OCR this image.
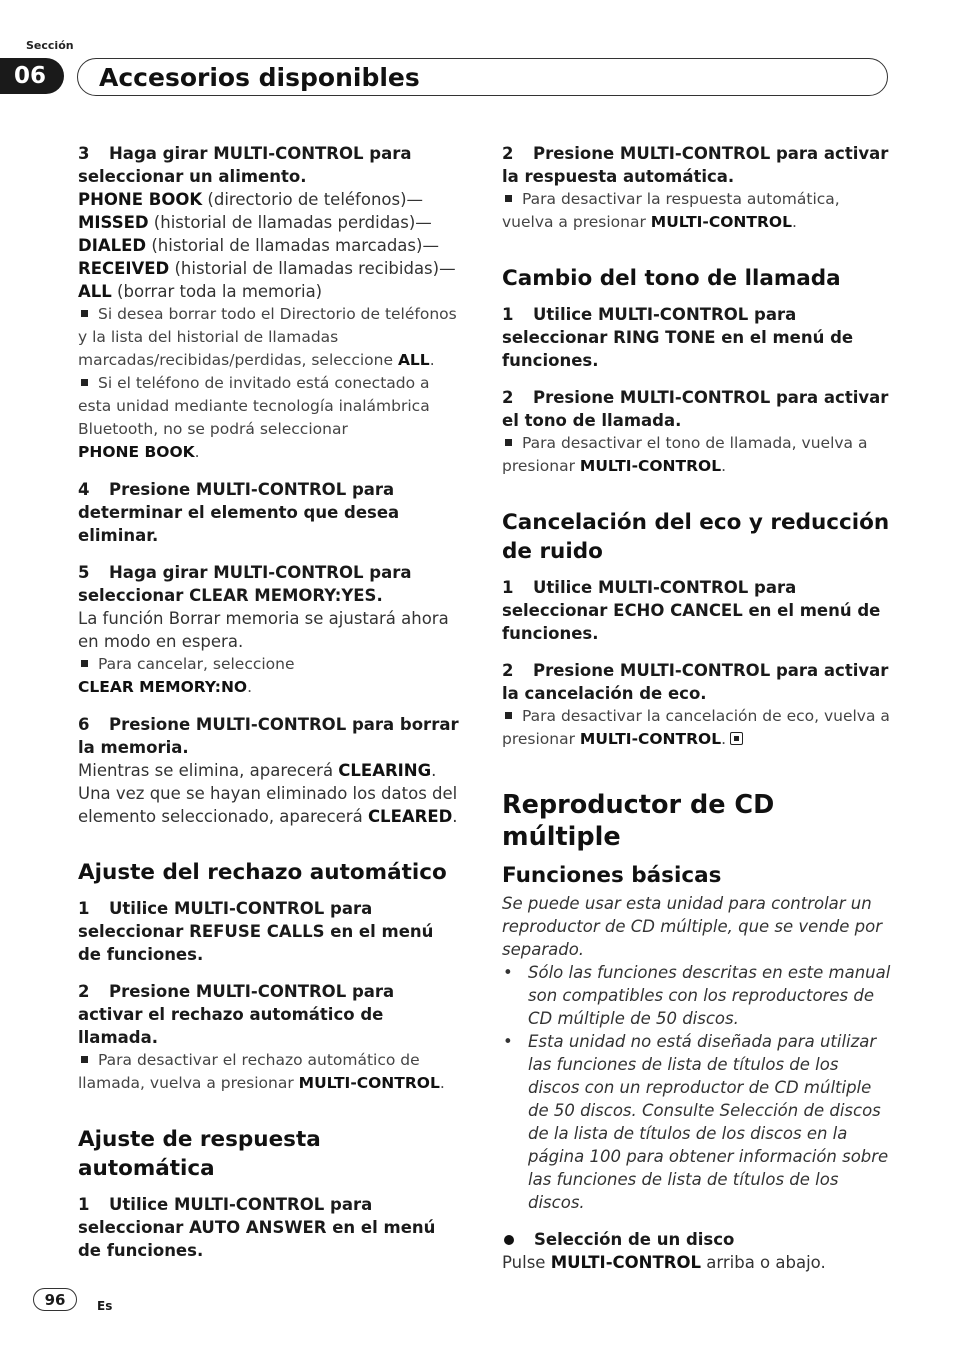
Sección
06	Accesorios disponibles
3 Haga girar MULTI-CONTROL para seleccionar un alimento.
PHONE BOOK (directorio de teléfonos)—
MISSED (historial de llamadas perdidas)—
DIALED (historial de llamadas marcadas)—
RECEIVED (historial de llamadas recibidas)—
ALL (borrar toda la memoria)
Si desea borrar todo el Directorio de teléfonos y la lista del historial de llamadas marcadas/recibidas/perdidas, seleccione ALL.
Si el teléfono de invitado está conectado a esta unidad mediante tecnología inalámbrica Bluetooth, no se podrá seleccionar
PHONE BOOK.
4 Presione MULTI-CONTROL para determinar el elemento que desea eliminar.
5 Haga girar MULTI-CONTROL para seleccionar CLEAR MEMORY:YES.
La función Borrar memoria se ajustará ahora en modo en espera.
Para cancelar, seleccione
CLEAR MEMORY:NO.
6 Presione MULTI-CONTROL para borrar la memoria.
Mientras se elimina, aparecerá CLEARING. Una vez que se hayan eliminado los datos del elemento seleccionado, aparecerá CLEARED.
Ajuste del rechazo automático
1 Utilice MULTI-CONTROL para seleccionar REFUSE CALLS en el menú de funciones.
2 Presione MULTI-CONTROL para activar el rechazo automático de llamada.
Para desactivar el rechazo automático de llamada, vuelva a presionar MULTI-CONTROL.
Ajuste de respuesta automática
1 Utilice MULTI-CONTROL para seleccionar AUTO ANSWER en el menú de funciones.
2 Presione MULTI-CONTROL para activar la respuesta automática.
Para desactivar la respuesta automática, vuelva a presionar MULTI-CONTROL.
Cambio del tono de llamada
1 Utilice MULTI-CONTROL para seleccionar RING TONE en el menú de funciones.
2 Presione MULTI-CONTROL para activar el tono de llamada.
Para desactivar el tono de llamada, vuelva a presionar MULTI-CONTROL.
Cancelación del eco y reducción de ruido
1 Utilice MULTI-CONTROL para seleccionar ECHO CANCEL en el menú de funciones.
2 Presione MULTI-CONTROL para activar la cancelación de eco.
Para desactivar la cancelación de eco, vuelva a presionar MULTI-CONTROL.
Reproductor de CD múltiple
Funciones básicas
Se puede usar esta unidad para controlar un reproductor de CD múltiple, que se vende por separado.
• Sólo las funciones descritas en este manual son compatibles con los reproductores de CD múltiple de 50 discos.
• Esta unidad no está diseñada para utilizar las funciones de lista de títulos de los discos con un reproductor de CD múltiple de 50 discos. Consulte Selección de discos de la lista de títulos de los discos en la página 100 para obtener información sobre las funciones de lista de títulos de los discos.
Selección de un disco
Pulse MULTI-CONTROL arriba o abajo.
96	Es
